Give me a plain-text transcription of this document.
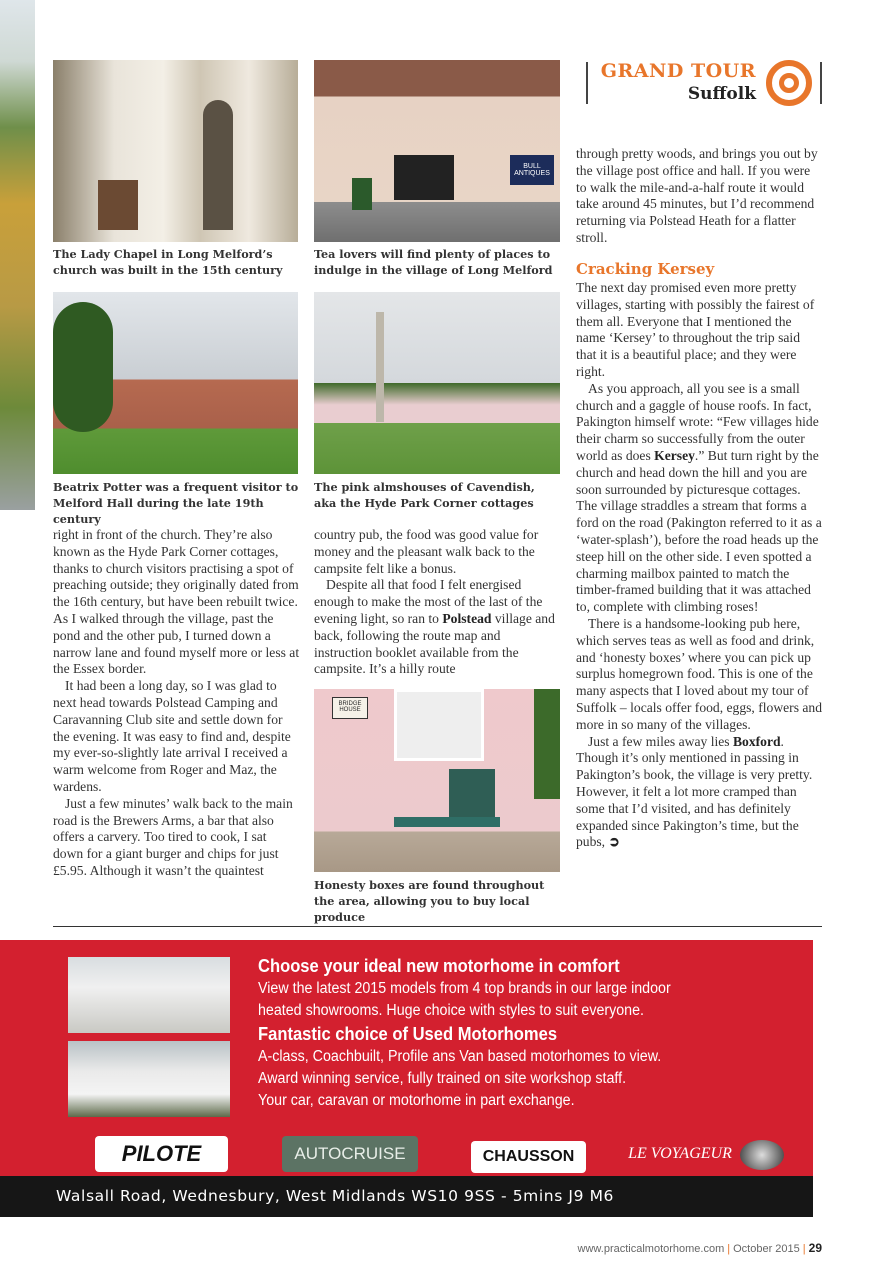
GRAND TOUR
Suffolk
BULL ANTIQUES
The Lady Chapel in Long Melford’s church was built in the 15th century
Tea lovers will find plenty of places to indulge in the village of Long Melford
Beatrix Potter was a frequent visitor to Melford Hall during the late 19th century
The pink almshouses of Cavendish, aka the Hyde Park Corner cottages
BRIDGE HOUSE
Honesty boxes are found throughout the area, allowing you to buy local produce

right in front of the church. They’re also known as the Hyde Park Corner cottages, thanks to church visitors practising a spot of preaching outside; they originally dated from the 16th century, but have been rebuilt twice. As I walked through the village, past the pond and the other pub, I turned down a narrow lane and found myself more or less at the Essex border.

It had been a long day, so I was glad to next head towards Polstead Camping and Caravanning Club site and settle down for the evening. It was easy to find and, despite my ever-so-slightly late arrival I received a warm welcome from Roger and Maz, the wardens.

Just a few minutes’ walk back to the main road is the Brewers Arms, a bar that also offers a carvery. Too tired to cook, I sat down for a giant burger and chips for just £5.95. Although it wasn’t the quaintest

country pub, the food was good value for money and the pleasant walk back to the campsite felt like a bonus.

Despite all that food I felt energised enough to make the most of the last of the evening light, so ran to Polstead village and back, following the route map and instruction booklet available from the campsite. It’s a hilly route

through pretty woods, and brings you out by the village post office and hall. If you were to walk the mile-and-a-half route it would take around 45 minutes, but I’d recommend returning via Polstead Heath for a flatter stroll.

Cracking Kersey

The next day promised even more pretty villages, starting with possibly the fairest of them all. Everyone that I mentioned the name ‘Kersey’ to throughout the trip said that it is a beautiful place; and they were right.

As you approach, all you see is a small church and a gaggle of house roofs. In fact, Pakington himself wrote: “Few villages hide their charm so successfully from the outer world as does Kersey.” But turn right by the church and head down the hill and you are soon surrounded by picturesque cottages. The village straddles a stream that forms a ford on the road (Pakington referred to it as a ‘water-splash’), before the road heads up the steep hill on the other side. I even spotted a charming mailbox painted to match the timber-framed building that it was attached to, complete with climbing roses!

There is a handsome-looking pub here, which serves teas as well as food and drink, and ‘honesty boxes’ where you can pick up surplus homegrown food. This is one of the many aspects that I loved about my tour of Suffolk – locals offer food, eggs, flowers and more in so many of the villages.

Just a few miles away lies Boxford. Though it’s only mentioned in passing in Pakington’s book, the village is very pretty. However, it felt a lot more cramped than some that I’d visited, and has definitely expanded since Pakington’s time, but the pubs, ➲

Choose your ideal new motorhome in comfort
View the latest 2015 models from 4 top brands in our large indoor
heated showrooms. Huge choice with styles to suit everyone.
Fantastic choice of Used Motorhomes
A-class, Coachbuilt, Profile ans Van based motorhomes to view.
Award winning service, fully trained on site workshop staff.
Your car, caravan or motorhome in part exchange.
PILOTE	AUTOCRUISE	CHAUSSON	LE VOYAGEUR
Walsall Road, Wednesbury, West Midlands WS10 9SS - 5mins J9 M6
www.practicalmotorhome.com | October 2015 | 29
